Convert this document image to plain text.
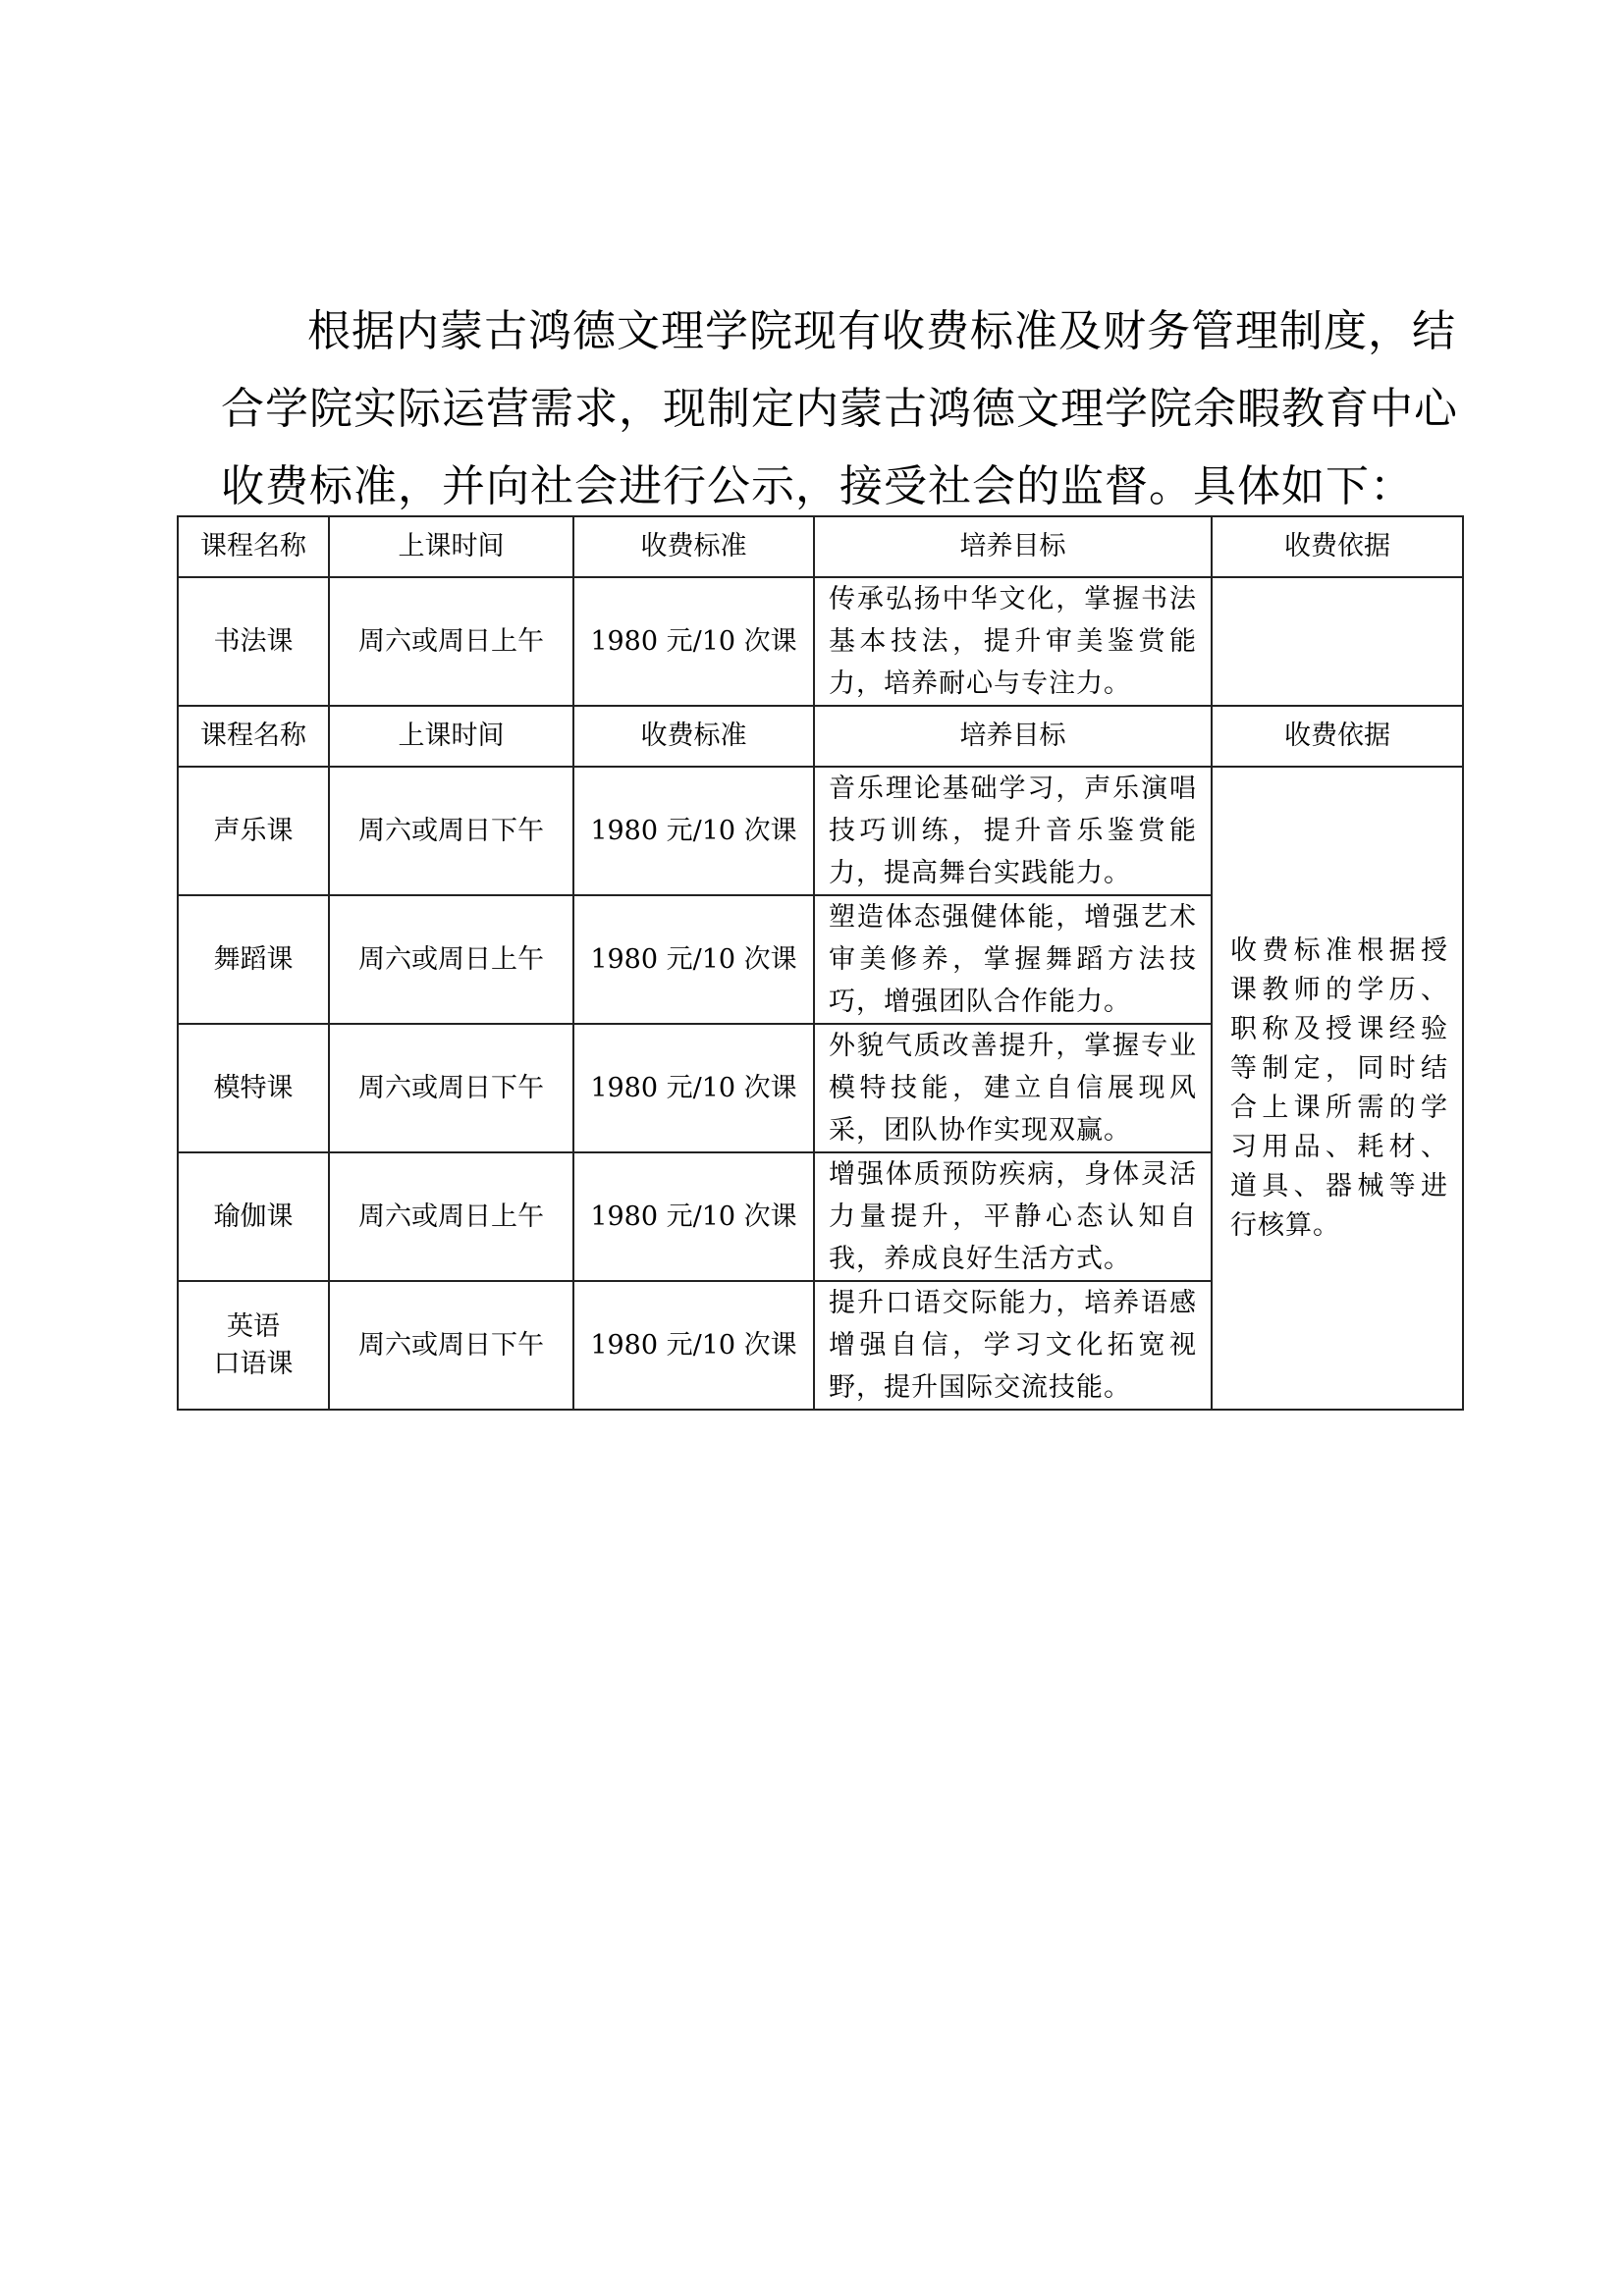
根据内蒙古鸿德文理学院现有收费标准及财务管理制度，结
合学院实际运营需求，现制定内蒙古鸿德文理学院余暇教育中心
收费标准，并向社会进行公示，接受社会的监督。具体如下：
课程名称	上课时间	收费标准	培养目标	收费依据
书法课	周六或周日上午	1980 元/10 次课	传承弘扬中华文化，掌握书法基本技法，提升审美鉴赏能力，培养耐心与专注力。	
课程名称	上课时间	收费标准	培养目标	收费依据
声乐课	周六或周日下午	1980 元/10 次课	音乐理论基础学习，声乐演唱技巧训练，提升音乐鉴赏能力，提高舞台实践能力。	收费标准根据授课教师的学历、职称及授课经验等制定，同时结合上课所需的学习用品、耗材、道具、器械等进行核算。
舞蹈课	周六或周日上午	1980 元/10 次课	塑造体态强健体能，增强艺术审美修养，掌握舞蹈方法技巧，增强团队合作能力。	
模特课	周六或周日下午	1980 元/10 次课	外貌气质改善提升，掌握专业模特技能，建立自信展现风采，团队协作实现双赢。	
瑜伽课	周六或周日上午	1980 元/10 次课	增强体质预防疾病，身体灵活力量提升，平静心态认知自我，养成良好生活方式。	

英语
口语课	周六或周日下午	1980 元/10 次课	提升口语交际能力，培养语感增强自信，学习文化拓宽视野，提升国际交流技能。	
